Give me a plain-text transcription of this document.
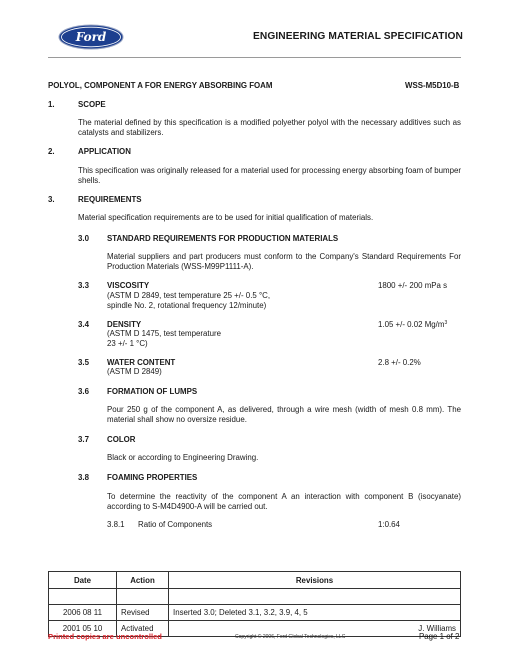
Ford	ENGINEERING MATERIAL SPECIFICATION
POLYOL, COMPONENT A FOR ENERGY ABSORBING FOAM	WSS-M5D10-B
1.	SCOPE
The material defined by this specification is a modified polyether polyol with the necessary additives such as catalysts and stabilizers.
2.	APPLICATION
This specification was originally released for a material used for processing energy absorbing foam of bumper shells.
3.	REQUIREMENTS
Material specification requirements are to be used for initial qualification of materials.
3.0 STANDARD REQUIREMENTS FOR PRODUCTION MATERIALS
Material suppliers and part producers must conform to the Company's Standard Requirements For Production Materials (WSS-M99P1111-A).
3.3 VISCOSITY
(ASTM D 2849, test temperature 25 +/- 0.5 °C,
spindle No. 2, rotational frequency 12/minute)
1800 +/- 200 mPa s
3.4 DENSITY
(ASTM D 1475, test temperature
23 +/- 1 °C)
1.05 +/- 0.02 $Mg/m^3$
3.5 WATER CONTENT
(ASTM D 2849)
2.8 +/- 0.2%
3.6 FORMATION OF LUMPS
Pour 250 g of the component A, as delivered, through a wire mesh (width of mesh 0.8 mm). The material shall show no oversize residue.
3.7 COLOR
Black or according to Engineering Drawing.
3.8 FOAMING PROPERTIES
To determine the reactivity of the component A an interaction with component B (isocyanate) according to S-M4D4900-A will be carried out.
3.8.1 Ratio of Components	1:0.64
Date	Action	Revisions

2006 08 11	Revised	Inserted 3.0; Deleted 3.1, 3.2, 3.9, 4, 5

2001 05 10	Activated	J. Williams
Printed copies are uncontrolled	Copyright © 2006, Ford Global Technologies, LLC	Page 1 of 2
